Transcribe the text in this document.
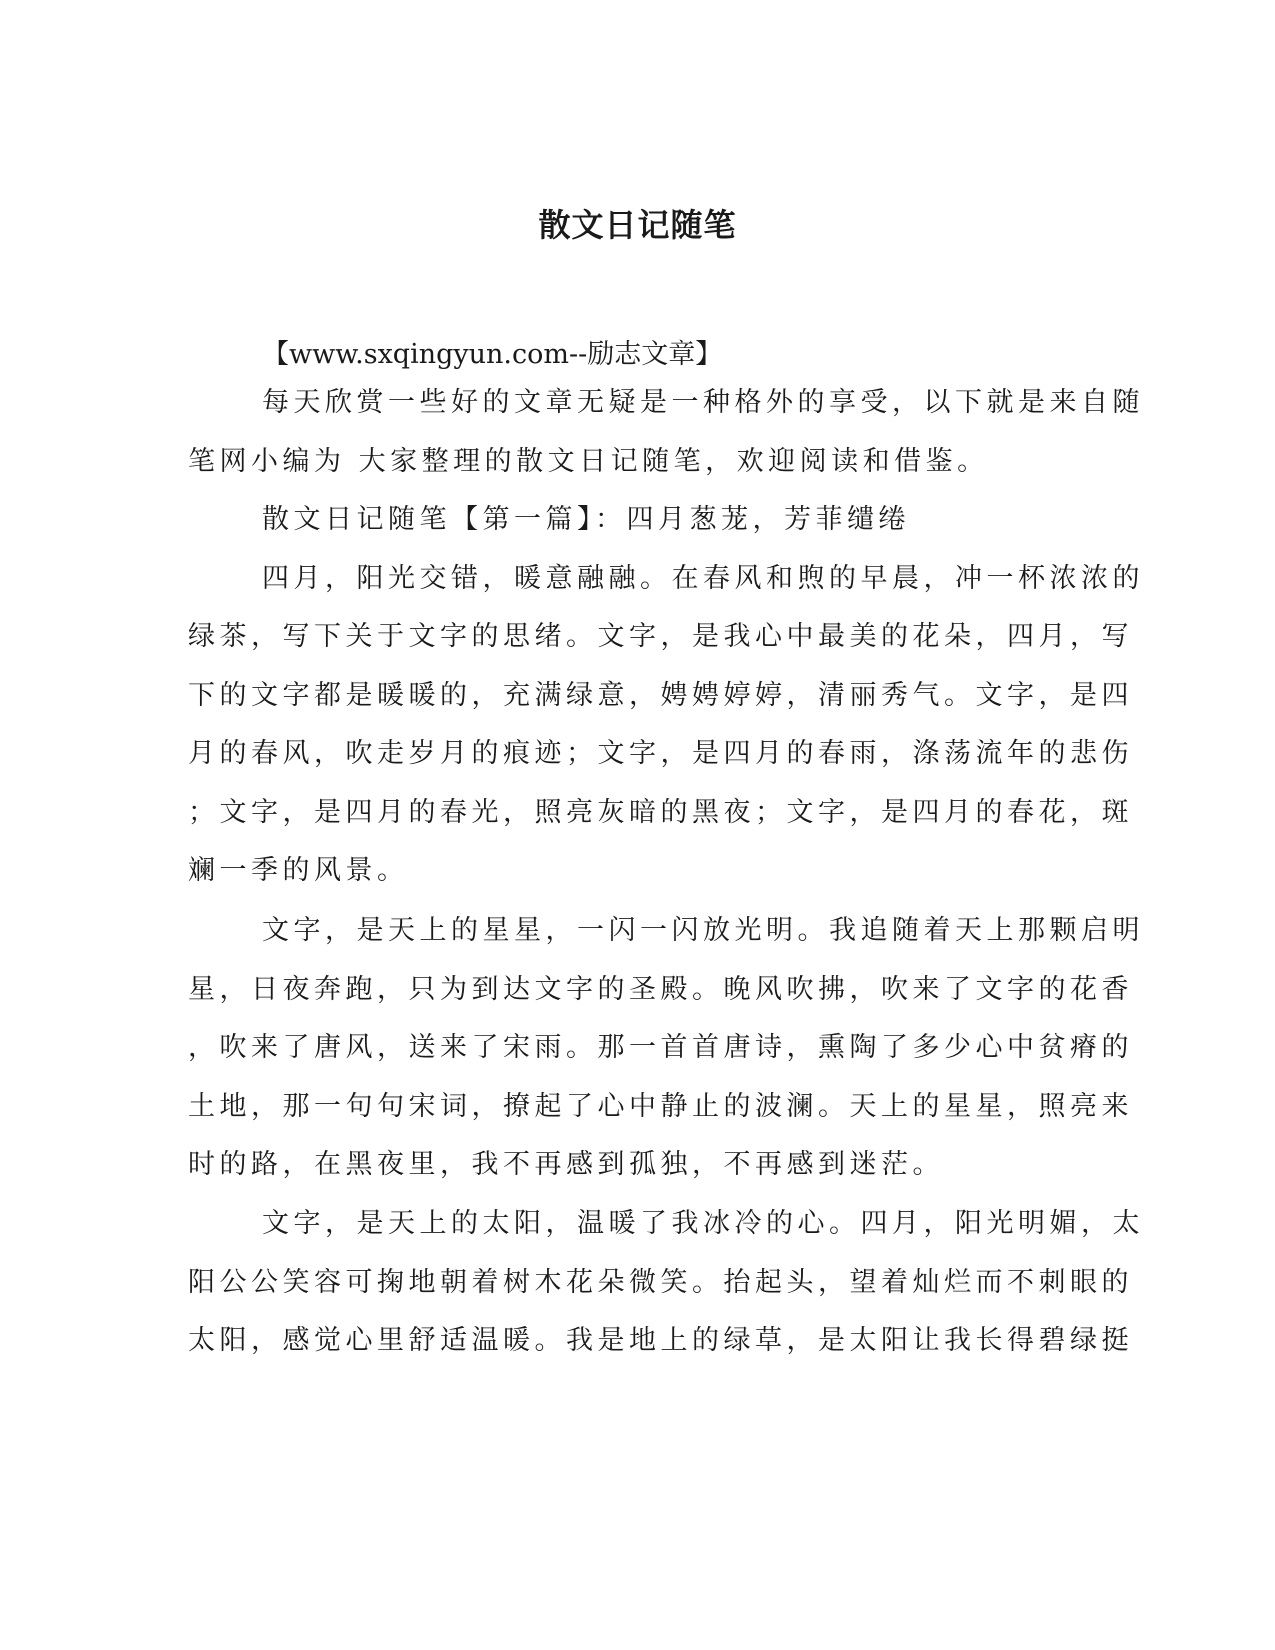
散文日记随笔
【www.sxqingyun.com--励志文章】
每天欣赏一些好的文章无疑是一种格外的享受，以下就是来自随
笔网小编为 大家整理的散文日记随笔，欢迎阅读和借鉴。
散文日记随笔【第一篇】：四月葱茏，芳菲缱绻
四月，阳光交错，暖意融融。在春风和煦的早晨，冲一杯浓浓的
绿茶，写下关于文字的思绪。文字，是我心中最美的花朵，四月，写
下的文字都是暖暖的，充满绿意，娉娉婷婷，清丽秀气。文字，是四
月的春风，吹走岁月的痕迹；文字，是四月的春雨，涤荡流年的悲伤
；文字，是四月的春光，照亮灰暗的黑夜；文字，是四月的春花，斑
斓一季的风景。
文字，是天上的星星，一闪一闪放光明。我追随着天上那颗启明
星，日夜奔跑，只为到达文字的圣殿。晚风吹拂，吹来了文字的花香
，吹来了唐风，送来了宋雨。那一首首唐诗，熏陶了多少心中贫瘠的
土地，那一句句宋词，撩起了心中静止的波澜。天上的星星，照亮来
时的路，在黑夜里，我不再感到孤独，不再感到迷茫。
文字，是天上的太阳，温暖了我冰冷的心。四月，阳光明媚，太
阳公公笑容可掬地朝着树木花朵微笑。抬起头，望着灿烂而不刺眼的
太阳，感觉心里舒适温暖。我是地上的绿草，是太阳让我长得碧绿挺
